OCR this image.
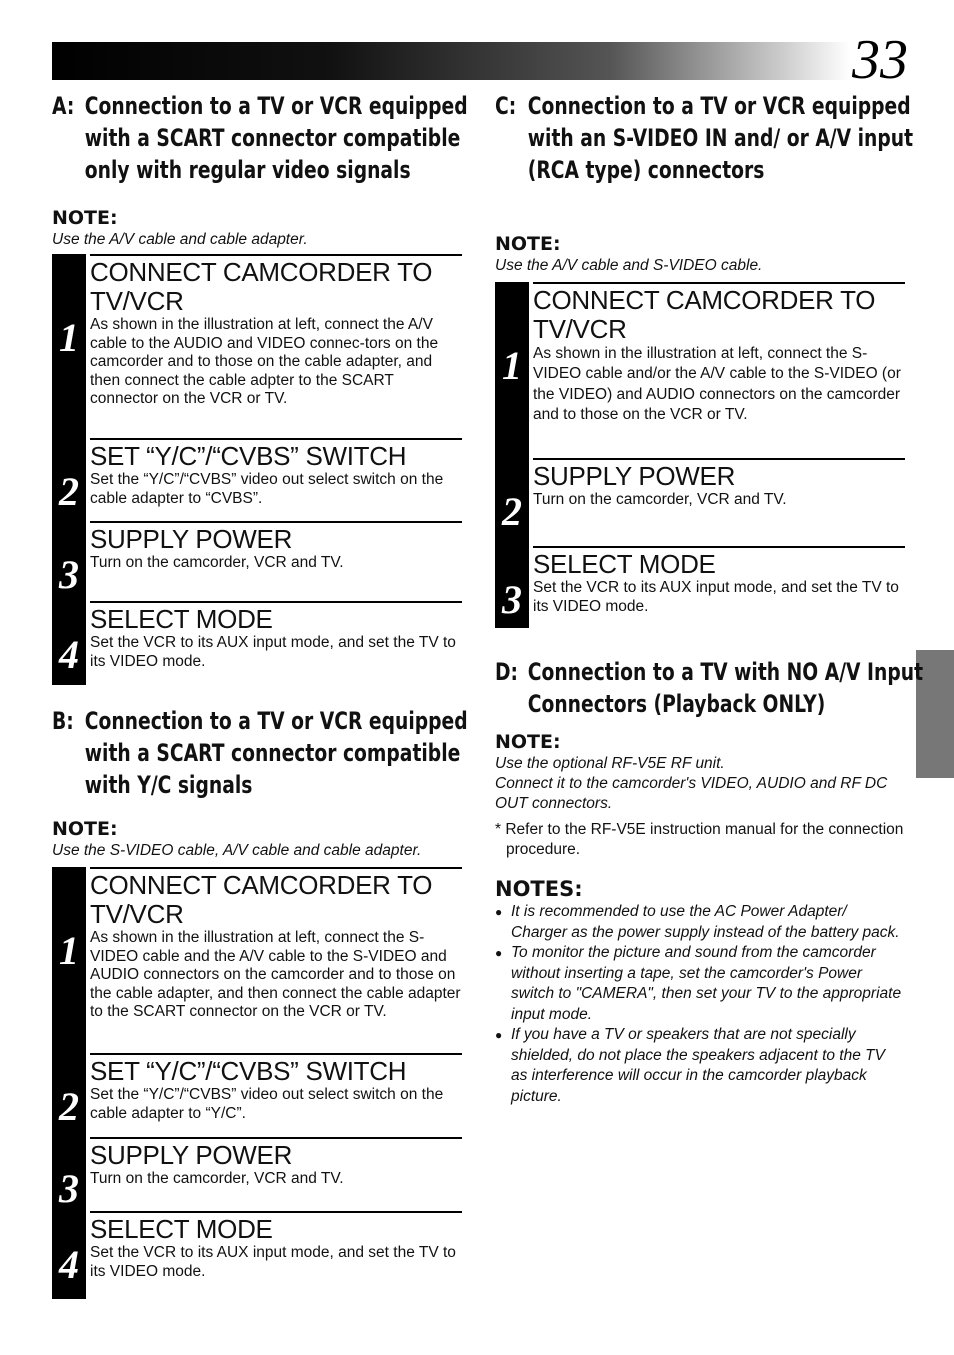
33
A: Connection to a TV or VCR equipped with a SCART connector compatible only with regular video signals

NOTE:

Use the A/V cable and cable adapter.

1
CONNECT CAMCORDER TO TV/VCR
As shown in the illustration at left, connect the A/V cable to the AUDIO and VIDEO connec-tors on the camcorder and to those on the cable adapter, and then connect the cable adpter to the SCART connector on the VCR or TV.
2
SET “Y/C”/“CVBS” SWITCH
Set the “Y/C”/“CVBS” video out select switch on the cable adapter to “CVBS”.
3
SUPPLY POWER
Turn on the camcorder, VCR and TV.
4
SELECT MODE
Set the VCR to its AUX input mode, and set the TV to its VIDEO mode.
B: Connection to a TV or VCR equipped with a SCART connector compatible with Y/C signals

NOTE:

Use the S-VIDEO cable, A/V cable and cable adapter.

1
CONNECT CAMCORDER TO TV/VCR
As shown in the illustration at left, connect the S-VIDEO cable and the A/V cable to the S-VIDEO and AUDIO connectors on the camcorder and to those on the cable adapter, and then connect the cable adapter to the SCART connector on the VCR or TV.
2
SET “Y/C”/“CVBS” SWITCH
Set the “Y/C”/“CVBS” video out select switch on the cable adapter to “Y/C”.
3
SUPPLY POWER
Turn on the camcorder, VCR and TV.
4
SELECT MODE
Set the VCR to its AUX input mode, and set the TV to its VIDEO mode.
C: Connection to a TV or VCR equipped with an S-VIDEO IN and/ or A/V input (RCA type) connectors

NOTE:

Use the A/V cable and S-VIDEO cable.

1
CONNECT CAMCORDER TO TV/VCR
As shown in the illustration at left, connect the S-VIDEO cable and/or the A/V cable to the S-VIDEO (or the VIDEO) and AUDIO connectors on the camcorder and to those on the VCR or TV.
2
SUPPLY POWER
Turn on the camcorder, VCR and TV.
3
SELECT MODE
Set the VCR to its AUX input mode, and set the TV to its VIDEO mode.
D: Connection to a TV with NO A/V Input Connectors (Playback ONLY)

NOTE:

Use the optional RF-V5E RF unit.

Connect it to the camcorder's VIDEO, AUDIO and RF DC OUT connectors.

* Refer to the RF-V5E instruction manual for the connection procedure.

NOTES:

● It is recommended to use the AC Power Adapter/ Charger as the power supply instead of the battery pack.
● To monitor the picture and sound from the camcorder without inserting a tape, set the camcorder's Power switch to "CAMERA", then set your TV to the appropriate input mode.
● If you have a TV or speakers that are not specially shielded, do not place the speakers adjacent to the TV as interference will occur in the camcorder playback picture.
